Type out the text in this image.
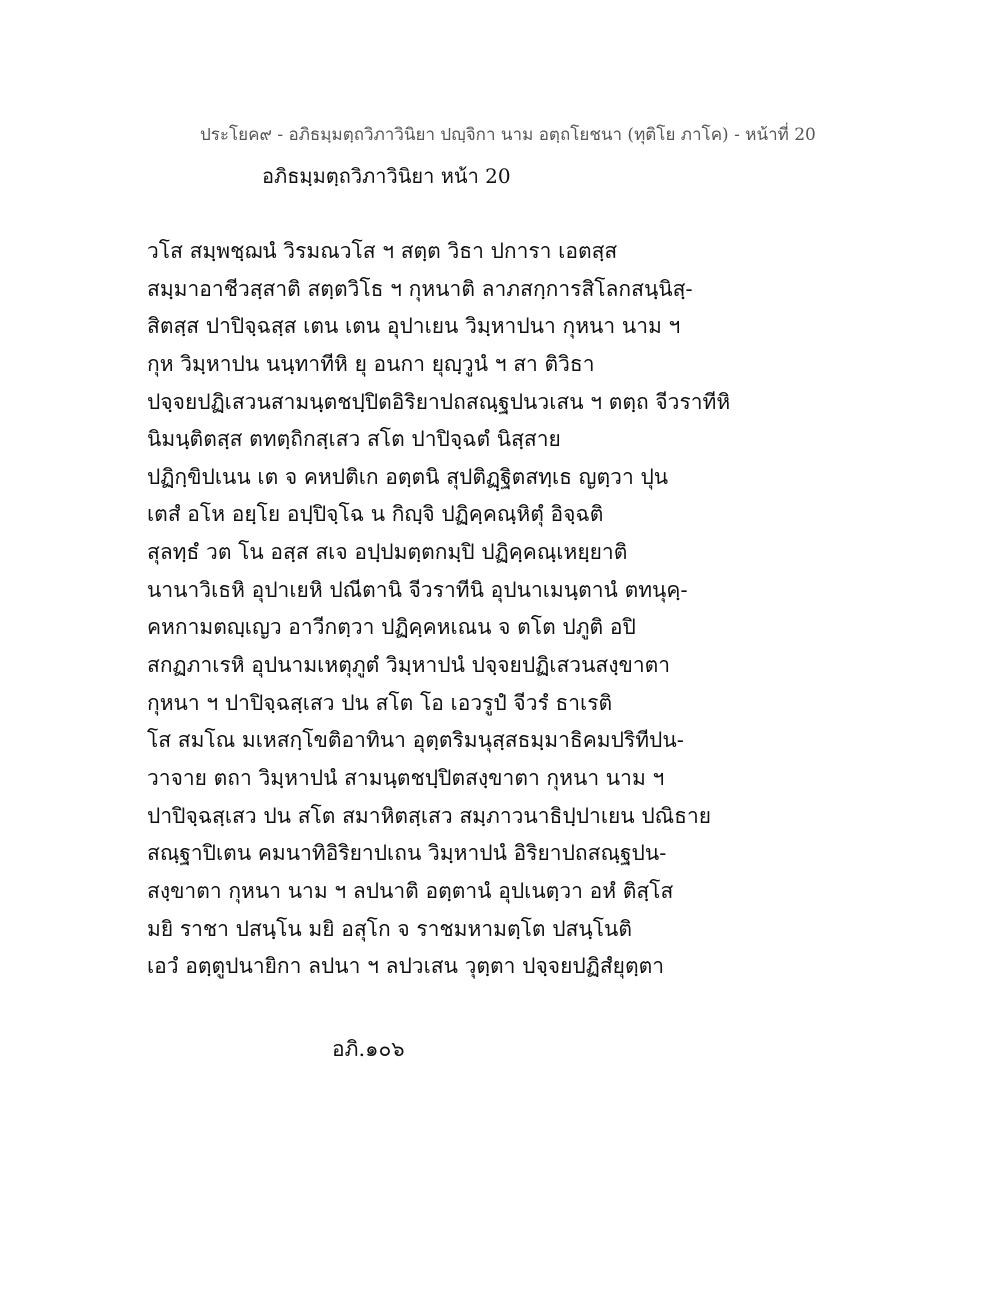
ประโยค๙ - อภิธมฺมตฺถวิภาวินิยา ปญฺจิกา นาม อตฺถโยชนา (ทุติโย ภาโค) - หน้าที่ 20
อภิธมฺมตฺถวิภาวินิยา หน้า 20
วโส สมฺพชฺฌนํ วิรมณวโส ฯ สตฺต วิธา ปการา เอตสฺส
สมฺมาอาชีวสฺสาติ สตฺตวิโธ ฯ กุหนาติ ลาภสกฺการสิโลกสนฺนิสฺ-
สิตสฺส ปาปิจฺฉสฺส เตน เตน อุปาเยน วิมฺหาปนา กุหนา นาม ฯ
กุห วิมฺหาปน นนฺทาทีหิ ยุ อนกา ยุญฺวูนํ ฯ สา ติวิธา
ปจฺจยปฏิเสวนสามนฺตชปฺปิตอิริยาปถสณฺฐปนวเสน ฯ ตตฺถ จีวราทีหิ
นิมนฺติตสฺส ตทตฺถิกสฺเสว สโต ปาปิจฺฉตํ นิสฺสาย
ปฏิกฺขิปเนน เต จ คหปติเก อตฺตนิ สุปติฏฺฐิตสทฺเธ ญตฺวา ปุน
เตสํ อโห อยฺโย อปฺปิจฺโฉ น กิญฺจิ ปฏิคฺคณฺหิตุํ อิจฺฉติ
สุลทฺธํ วต โน อสฺส สเจ อปฺปมตฺตกมฺปิ ปฏิคฺคณฺเหยฺยาติ
นานาวิเธหิ อุปาเยหิ ปณีตานิ จีวราทีนิ อุปนาเมนฺตานํ ตทนุคฺ-
คหกามตญฺเญว อาวีกตฺวา ปฏิคฺคหเณน จ ตโต ปภูติ อปิ
สกฏภาเรหิ อุปนามเหตุภูตํ วิมฺหาปนํ ปจฺจยปฏิเสวนสงฺขาตา
กุหนา ฯ ปาปิจฺฉสฺเสว ปน สโต โอ เอวรูปํ จีวรํ ธาเรติ
โส สมโณ มเหสกฺโขติอาทินา อุตฺตริมนุสฺสธมฺมาธิคมปริทีปน-
วาจาย ตถา วิมฺหาปนํ สามนฺตชปฺปิตสงฺขาตา กุหนา นาม ฯ
ปาปิจฺฉสฺเสว ปน สโต สมาหิตสฺเสว สมฺภาวนาธิปฺปาเยน ปณิธาย
สณฺฐาปิเตน คมนาทิอิริยาปเถน วิมฺหาปนํ อิริยาปถสณฺฐปน-
สงฺขาตา กุหนา นาม ฯ ลปนาติ อตฺตานํ อุปเนตฺวา อหํ ติสฺโส
มยิ ราชา ปสนฺโน มยิ อสุโก จ ราชมหามตฺโต ปสนฺโนติ
เอวํ อตฺตูปนายิกา ลปนา ฯ ลปวเสน วุตฺตา ปจฺจยปฏิสํยุตฺตา
อภิ.๑๐๖
